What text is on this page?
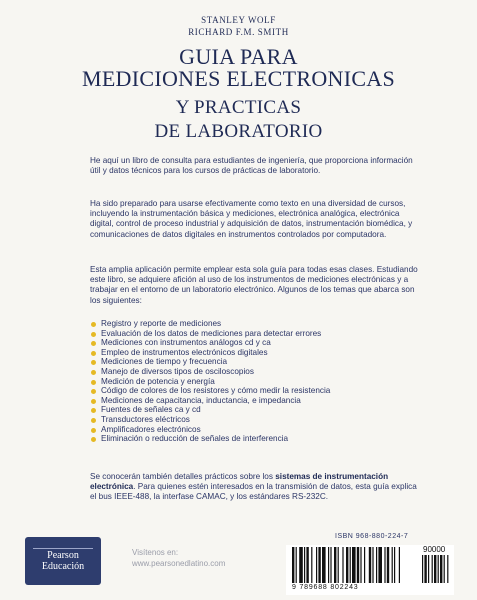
STANLEY WOLF
RICHARD F.M. SMITH
GUIA PARA
MEDICIONES ELECTRONICAS
Y PRACTICAS
DE LABORATORIO
He aquí un libro de consulta para estudiantes de ingeniería, que proporciona información útil y datos técnicos para los cursos de prácticas de laboratorio.
Ha sido preparado para usarse efectivamente como texto en una diversidad de cursos, incluyendo la instrumentación básica y mediciones, electrónica analógica, electrónica digital, control de proceso industrial y adquisición de datos, instrumentación biomédica, y comunicaciones de datos digitales en instrumentos controlados por computadora.
Esta amplia aplicación permite emplear esta sola guía para todas esas clases. Estudiando este libro, se adquiere afición al uso de los instrumentos de mediciones electrónicas y a trabajar en el entorno de un laboratorio electrónico. Algunos de los temas que abarca son los siguientes:
Registro y reporte de mediciones
Evaluación de los datos de mediciones para detectar errores
Mediciones con instrumentos análogos cd y ca
Empleo de instrumentos electrónicos digitales
Mediciones de tiempo y frecuencia
Manejo de diversos tipos de osciloscopios
Medición de potencia y energía
Código de colores de los resistores y cómo medir la resistencia
Mediciones de capacitancia, inductancia, e impedancia
Fuentes de señales ca y cd
Transductores eléctricos
Amplificadores electrónicos
Eliminación o reducción de señales de interferencia
Se conocerán también detalles prácticos sobre los sistemas de instrumentación electrónica. Para quienes estén interesados en la transmisión de datos, esta guía explica el bus IEEE-488, la interfase CAMAC, y los estándares RS-232C.
ISBN 968-880-224-7
9 789688 802243
90000
Pearson
Educación
Visítenos en:
www.pearsonedlatino.com
